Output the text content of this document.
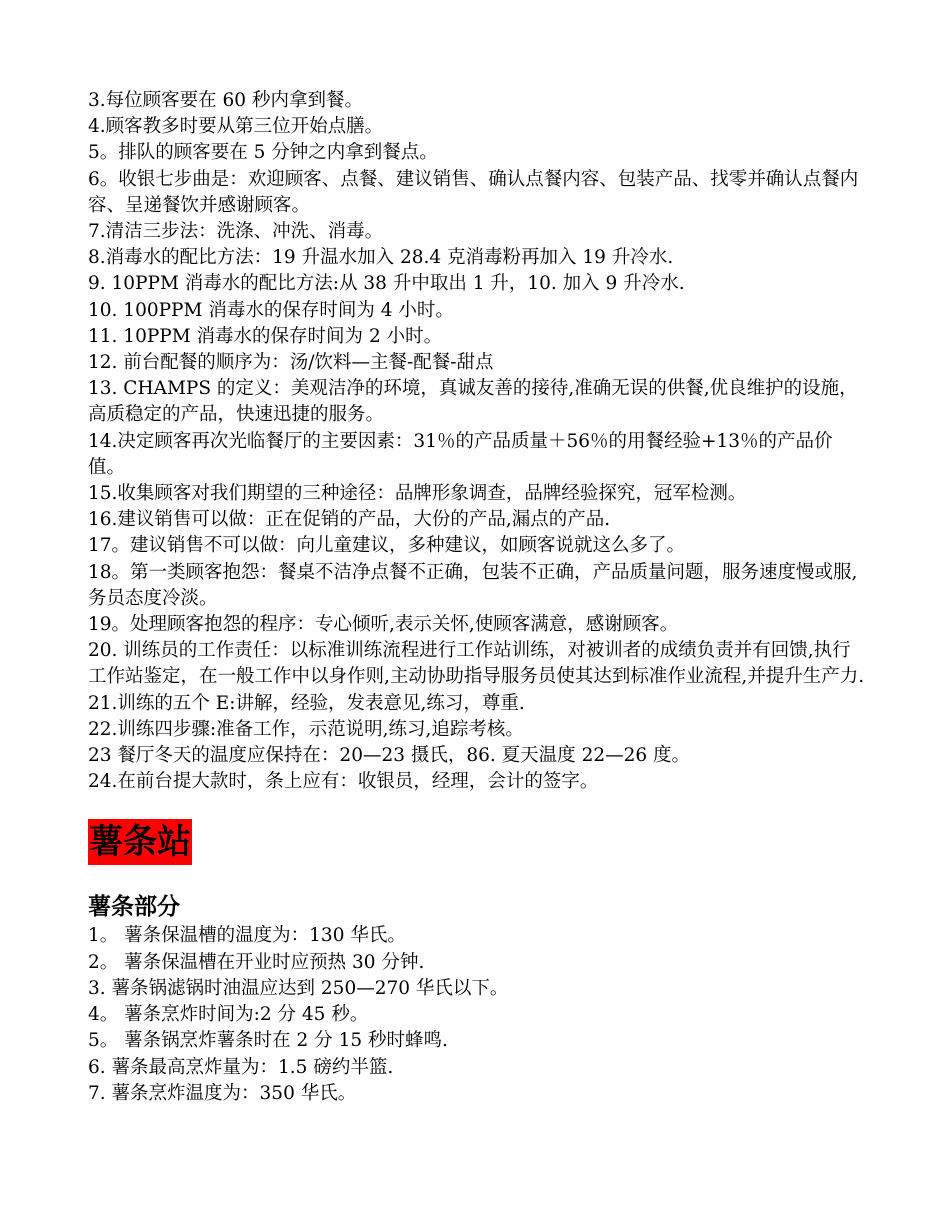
3.每位顾客要在 60 秒内拿到餐。

4.顾客教多时要从第三位开始点膳。

5。排队的顾客要在 5 分钟之内拿到餐点。

6。收银七步曲是：欢迎顾客、点餐、建议销售、确认点餐内容、包装产品、找零并确认点餐内容、呈递餐饮并感谢顾客。

7.清洁三步法：洗涤、冲洗、消毒。

8.消毒水的配比方法：19 升温水加入 28.4 克消毒粉再加入 19 升冷水.

9. 10PPM 消毒水的配比方法:从 38 升中取出 1 升，10. 加入 9 升冷水.

10. 100PPM 消毒水的保存时间为 4 小时。

11. 10PPM 消毒水的保存时间为 2 小时。

12. 前台配餐的顺序为：汤/饮料—主餐-配餐-甜点

13. CHAMPS 的定义：美观洁净的环境，真诚友善的接待,准确无误的供餐,优良维护的设施，高质稳定的产品，快速迅捷的服务。

14.决定顾客再次光临餐厅的主要因素：31％的产品质量＋56％的用餐经验+13％的产品价值。

15.收集顾客对我们期望的三种途径：品牌形象调查，品牌经验探究，冠军检测。

16.建议销售可以做：正在促销的产品，大份的产品,漏点的产品.

17。建议销售不可以做：向儿童建议，多种建议，如顾客说就这么多了。

18。第一类顾客抱怨：餐桌不洁净点餐不正确，包装不正确，产品质量问题，服务速度慢或服,务员态度冷淡。

19。处理顾客抱怨的程序：专心倾听,表示关怀,使顾客满意，感谢顾客。

20. 训练员的工作责任：以标准训练流程进行工作站训练，对被训者的成绩负责并有回馈,执行工作站鉴定，在一般工作中以身作则,主动协助指导服务员使其达到标准作业流程,并提升生产力.

21.训练的五个 E:讲解，经验，发表意见,练习，尊重.

22.训练四步骤:准备工作，示范说明,练习,追踪考核。

23 餐厅冬天的温度应保持在：20—23 摄氏，86. 夏天温度 22—26 度。

24.在前台提大款时，条上应有：收银员，经理，会计的签字。

薯条站
薯条部分

1。 薯条保温槽的温度为：130 华氏。

2。 薯条保温槽在开业时应预热 30 分钟.

3. 薯条锅滤锅时油温应达到 250—270 华氏以下。

4。 薯条烹炸时间为:2 分 45 秒。

5。 薯条锅烹炸薯条时在 2 分 15 秒时蜂鸣.

6. 薯条最高烹炸量为：1.5 磅约半篮.

7. 薯条烹炸温度为：350 华氏。
